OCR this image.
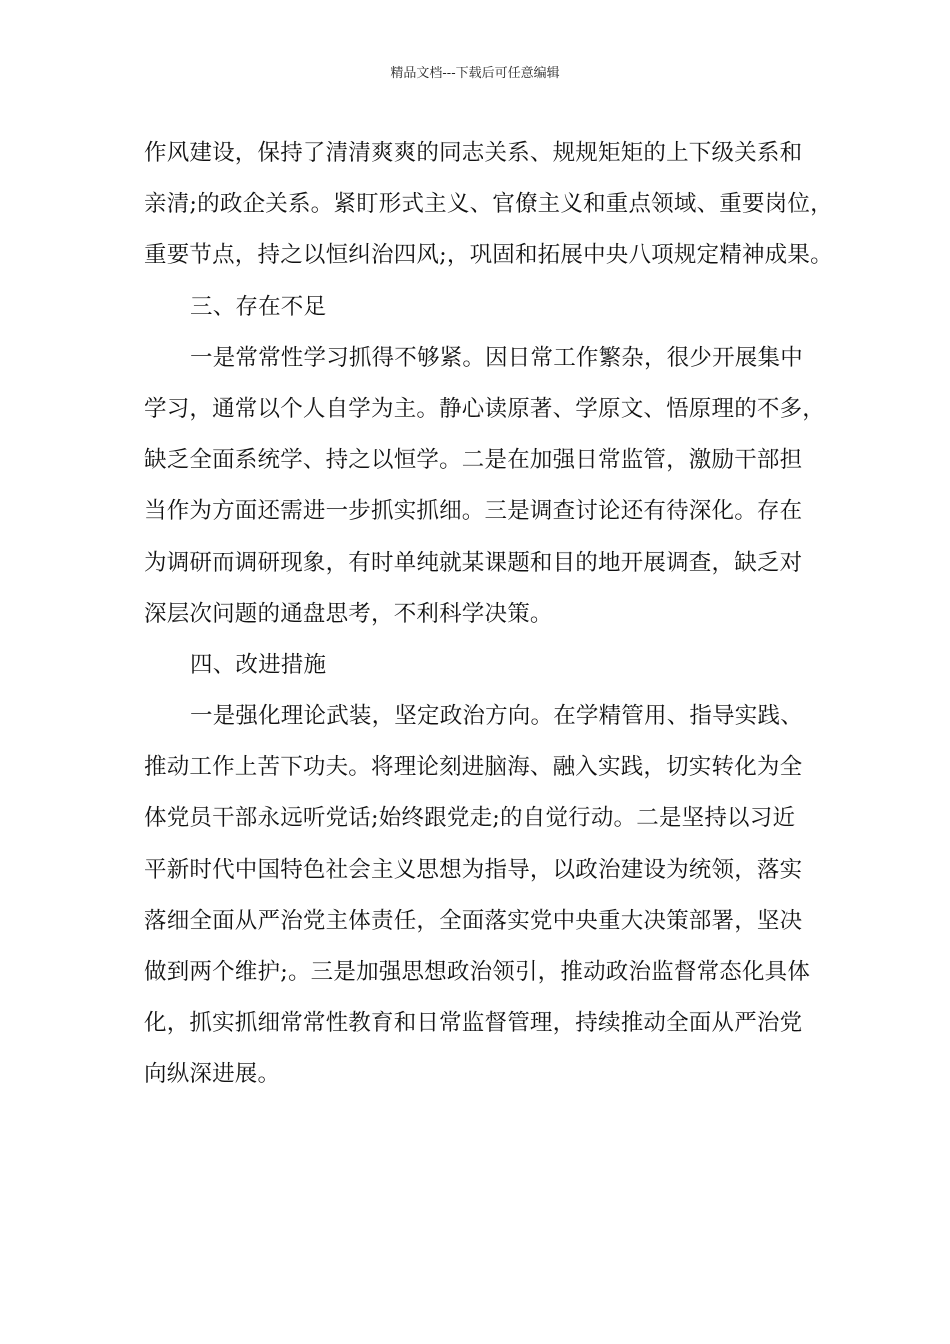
精品文档---下载后可任意编辑
作风建设，保持了清清爽爽的同志关系、规规矩矩的上下级关系和
亲清;的政企关系。紧盯形式主义、官僚主义和重点领域、重要岗位，
重要节点，持之以恒纠治四风;，巩固和拓展中央八项规定精神成果。
三、存在不足
一是常常性学习抓得不够紧。因日常工作繁杂，很少开展集中
学习，通常以个人自学为主。静心读原著、学原文、悟原理的不多，
缺乏全面系统学、持之以恒学。二是在加强日常监管，激励干部担
当作为方面还需进一步抓实抓细。三是调查讨论还有待深化。存在
为调研而调研现象，有时单纯就某课题和目的地开展调查，缺乏对
深层次问题的通盘思考，不利科学决策。
四、改进措施
一是强化理论武装，坚定政治方向。在学精管用、指导实践、
推动工作上苦下功夫。将理论刻进脑海、融入实践，切实转化为全
体党员干部永远听党话;始终跟党走;的自觉行动。二是坚持以习近
平新时代中国特色社会主义思想为指导，以政治建设为统领，落实
落细全面从严治党主体责任，全面落实党中央重大决策部署，坚决
做到两个维护;。三是加强思想政治领引，推动政治监督常态化具体
化，抓实抓细常常性教育和日常监督管理，持续推动全面从严治党
向纵深进展。
